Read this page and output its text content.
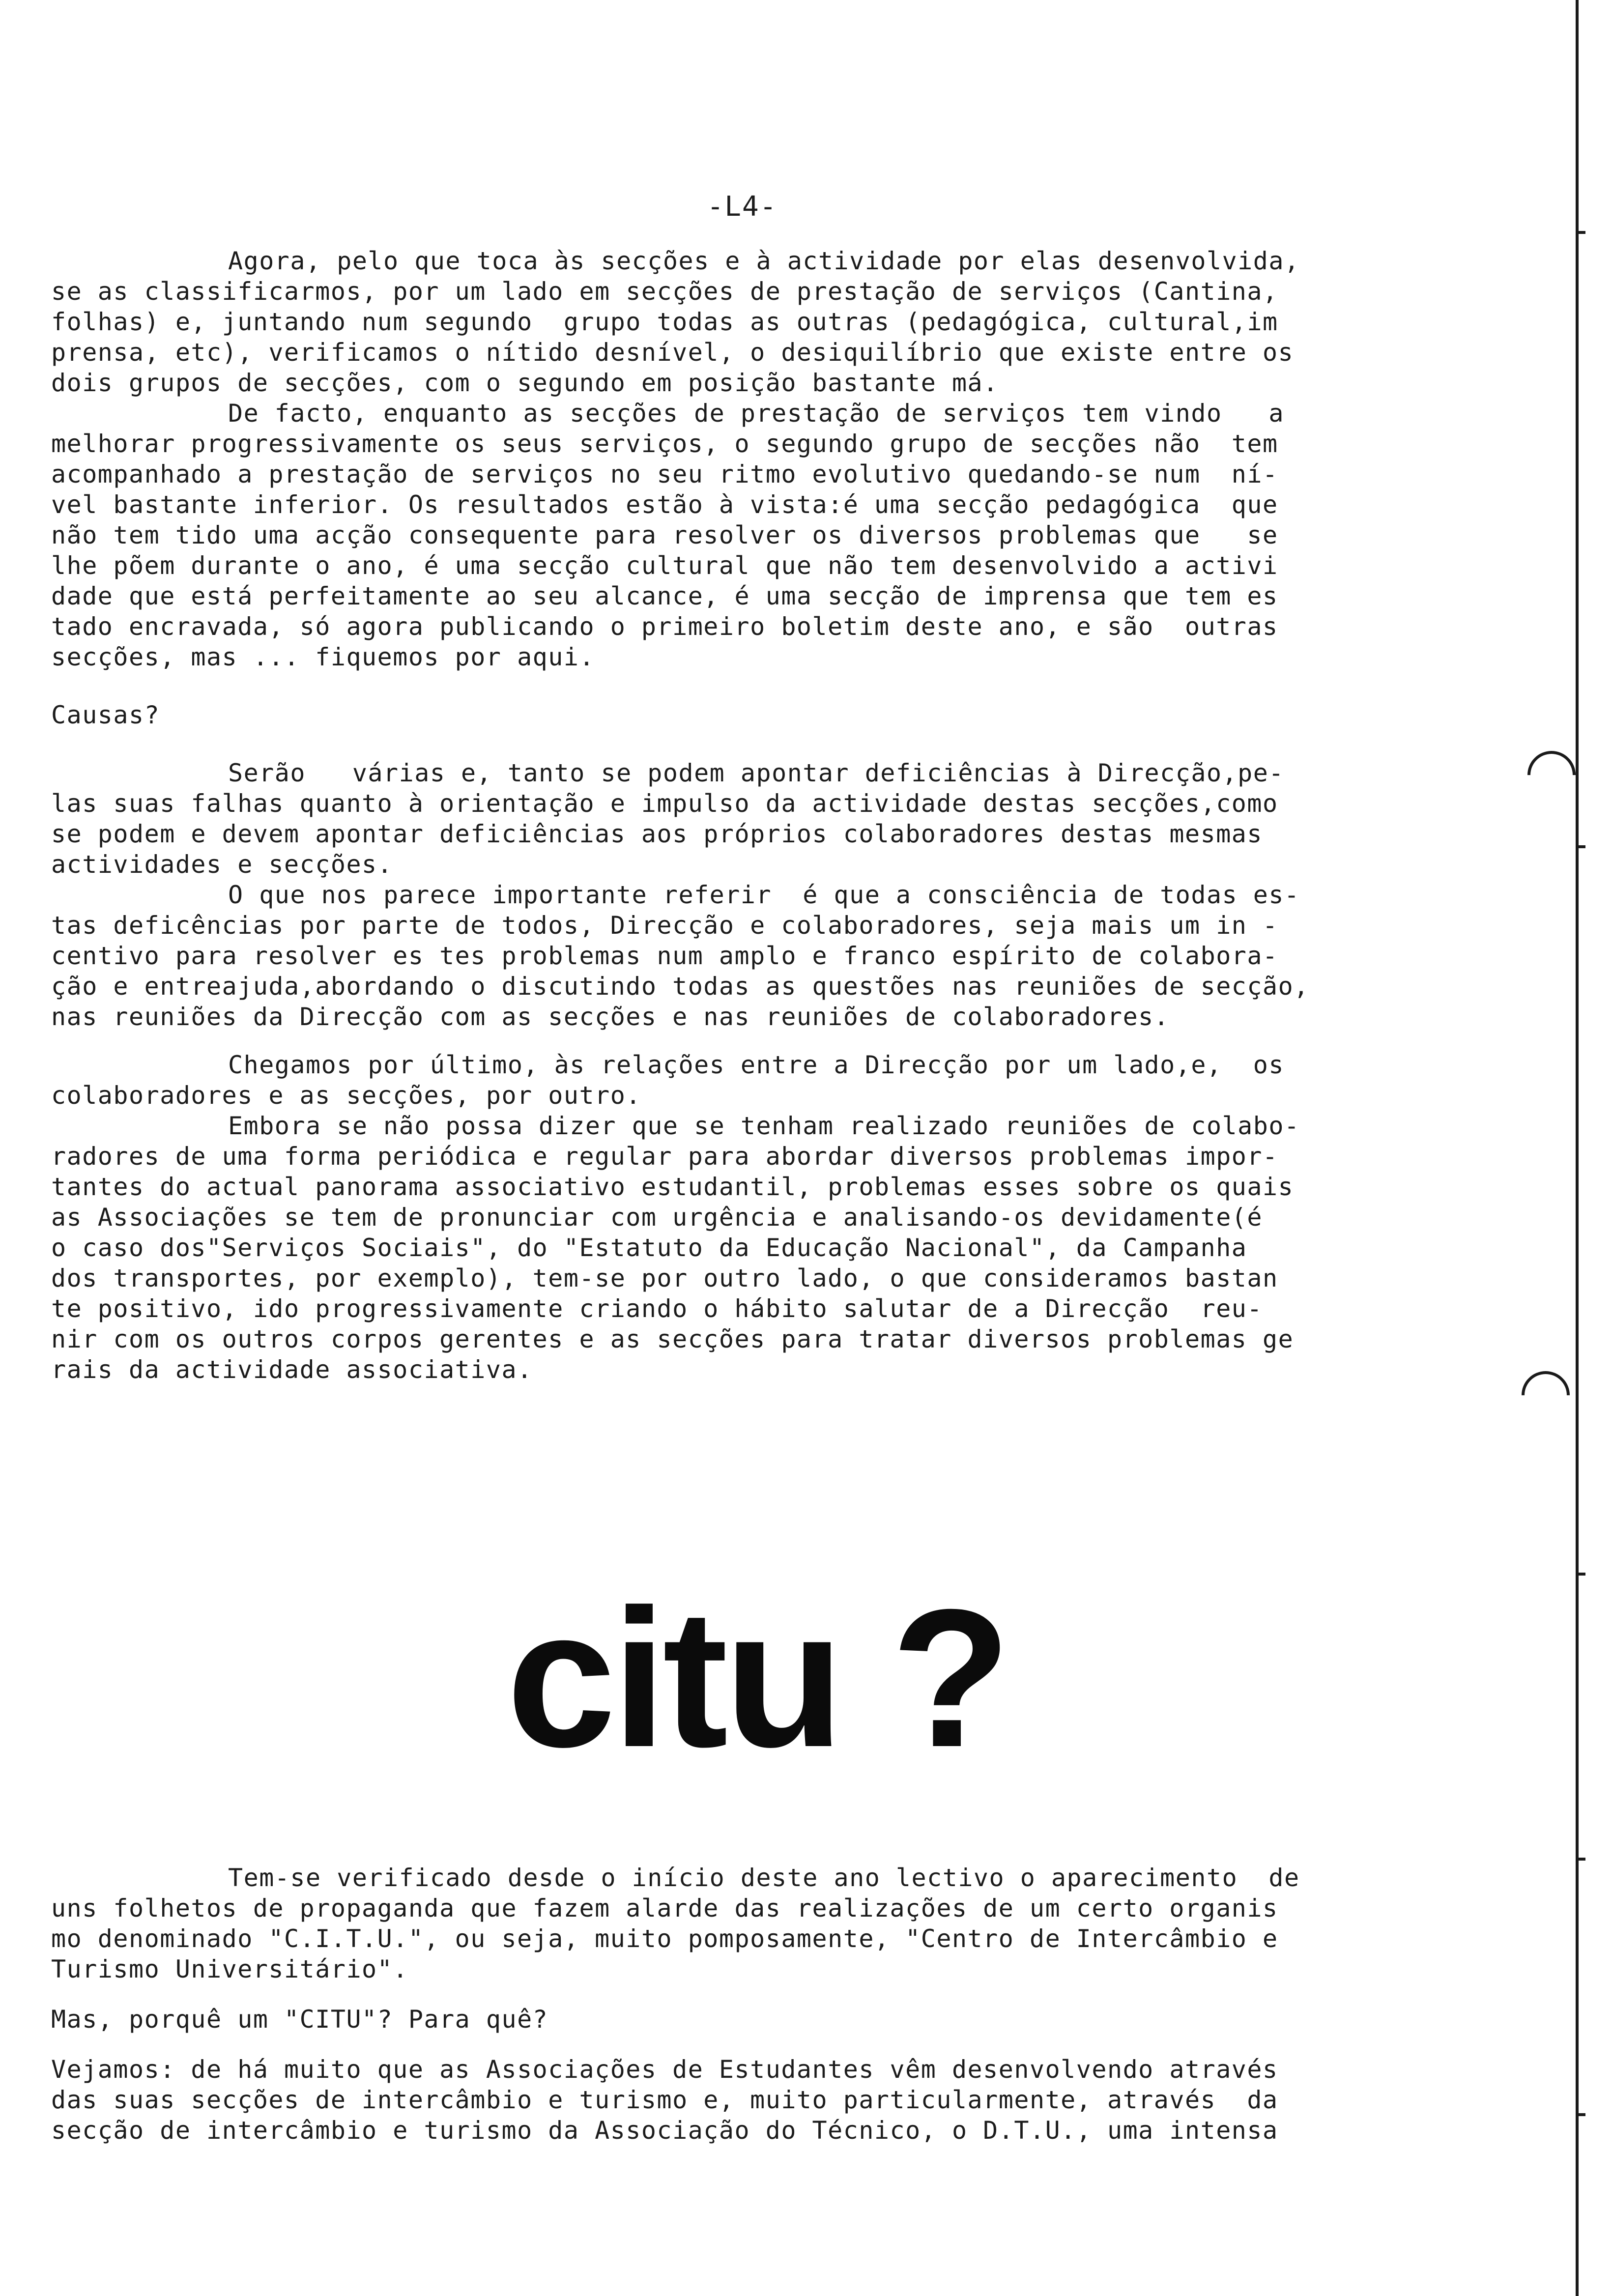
-L4-
Agora, pelo que toca às secções e à actividade por elas desenvolvida,
se as classificarmos, por um lado em secções de prestação de serviços (Cantina,
folhas) e, juntando num segundo  grupo todas as outras (pedagógica, cultural,im
prensa, etc), verificamos o nítido desnível, o desiquilíbrio que existe entre os
dois grupos de secções, com o segundo em posição bastante má.
De facto, enquanto as secções de prestação de serviços tem vindo   a
melhorar progressivamente os seus serviços, o segundo grupo de secções não  tem
acompanhado a prestação de serviços no seu ritmo evolutivo quedando-se num  ní-
vel bastante inferior. Os resultados estão à vista:é uma secção pedagógica  que
não tem tido uma acção consequente para resolver os diversos problemas que   se
lhe põem durante o ano, é uma secção cultural que não tem desenvolvido a activi
dade que está perfeitamente ao seu alcance, é uma secção de imprensa que tem es
tado encravada, só agora publicando o primeiro boletim deste ano, e são  outras
secções, mas ... fiquemos por aqui.
Causas?
Serão   várias e, tanto se podem apontar deficiências à Direcção,pe-
las suas falhas quanto à orientação e impulso da actividade destas secções,como
se podem e devem apontar deficiências aos próprios colaboradores destas mesmas
actividades e secções.
O que nos parece importante referir  é que a consciência de todas es-
tas deficências por parte de todos, Direcção e colaboradores, seja mais um in -
centivo para resolver es tes problemas num amplo e franco espírito de colabora-
ção e entreajuda,abordando o discutindo todas as questões nas reuniões de secção,
nas reuniões da Direcção com as secções e nas reuniões de colaboradores.
Chegamos por último, às relações entre a Direcção por um lado,e,  os
colaboradores e as secções, por outro.
Embora se não possa dizer que se tenham realizado reuniões de colabo-
radores de uma forma periódica e regular para abordar diversos problemas impor-
tantes do actual panorama associativo estudantil, problemas esses sobre os quais
as Associações se tem de pronunciar com urgência e analisando-os devidamente(é
o caso dos"Serviços Sociais", do "Estatuto da Educação Nacional", da Campanha
dos transportes, por exemplo), tem-se por outro lado, o que consideramos bastan
te positivo, ido progressivamente criando o hábito salutar de a Direcção  reu-
nir com os outros corpos gerentes e as secções para tratar diversos problemas ge
rais da actividade associativa.
citu ?
Tem-se verificado desde o início deste ano lectivo o aparecimento  de
uns folhetos de propaganda que fazem alarde das realizações de um certo organis
mo denominado "C.I.T.U.", ou seja, muito pomposamente, "Centro de Intercâmbio e
Turismo Universitário".
Mas, porquê um "CITU"? Para quê?
Vejamos: de há muito que as Associações de Estudantes vêm desenvolvendo através
das suas secções de intercâmbio e turismo e, muito particularmente, através  da
secção de intercâmbio e turismo da Associação do Técnico, o D.T.U., uma intensa
